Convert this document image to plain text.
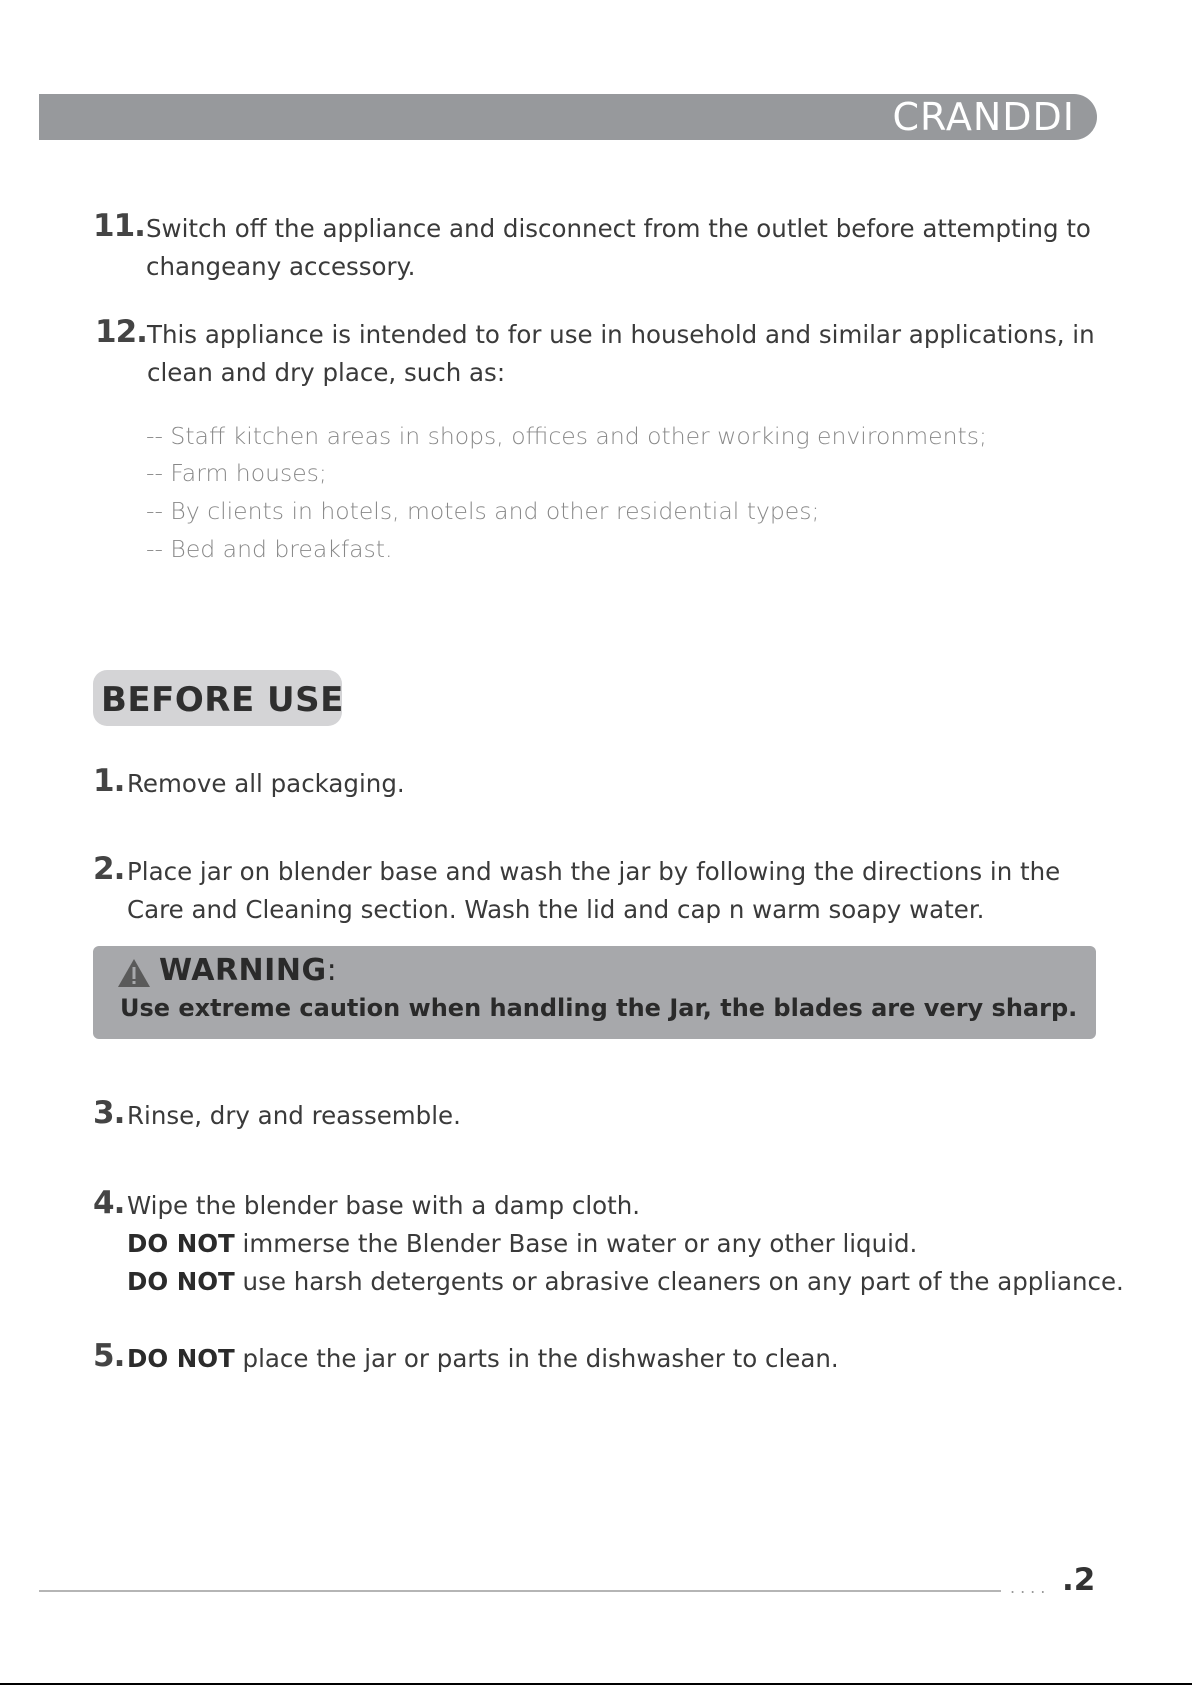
CRANDDI
11. Switch off the appliance and disconnect from the outlet before attempting to
changeany accessory.
12. This appliance is intended to for use in household and similar applications, in
clean and dry place, such as:
-- Staff kitchen areas in shops, offices and other working environments;
-- Farm houses;
-- By clients in hotels, motels and other residential types;
-- Bed and breakfast.
BEFORE USE
1. Remove all packaging.
2. Place jar on blender base and wash the jar by following the directions in the
Care and Cleaning section. Wash the lid and cap n warm soapy water.
WARNING:
Use extreme caution when handling the Jar, the blades are very sharp.
3. Rinse, dry and reassemble.
4. Wipe the blender base with a damp cloth.
DO NOT immerse the Blender Base in water or any other liquid.
DO NOT use harsh detergents or abrasive cleaners on any part of the appliance.
5. DO NOT place the jar or parts in the dishwasher to clean.
.... .2
